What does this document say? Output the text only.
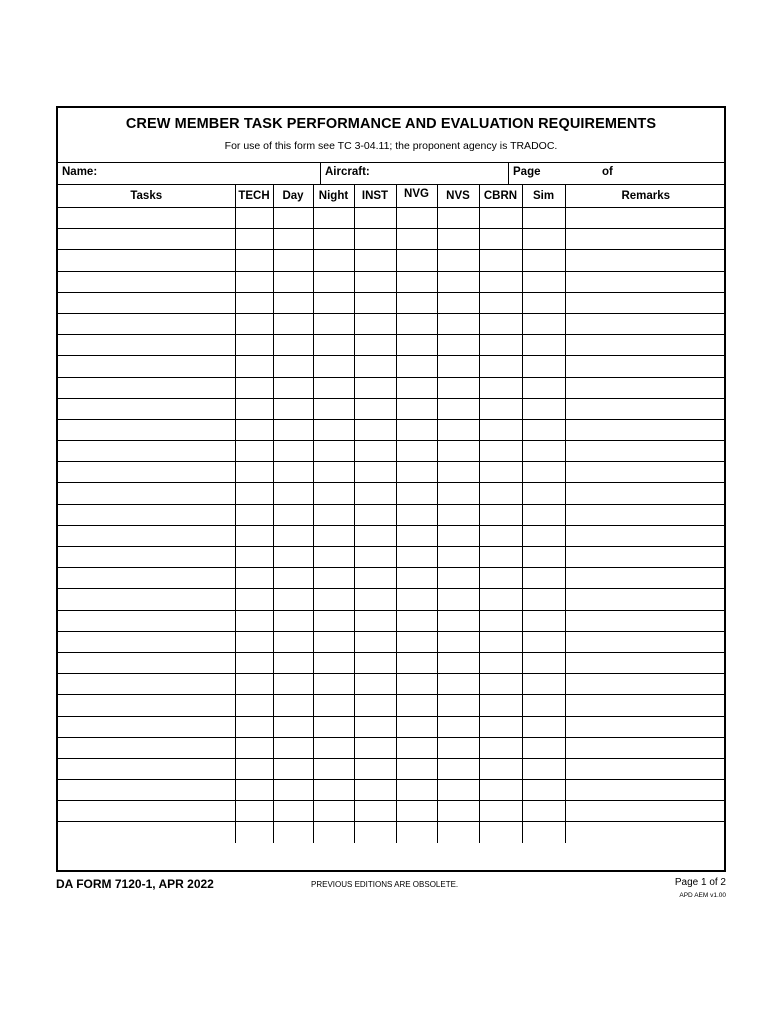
CREW MEMBER TASK PERFORMANCE AND EVALUATION REQUIREMENTS
For use of this form see TC 3-04.11; the proponent agency is TRADOC.
Name:	Aircraft:	Page	of
Tasks	TECH	Day	Night	INST	NVG	NVS	CBRN	Sim	Remarks

DA FORM 7120-1, APR 2022	PREVIOUS EDITIONS ARE OBSOLETE.	Page 1 of 2
APD AEM v1.00
